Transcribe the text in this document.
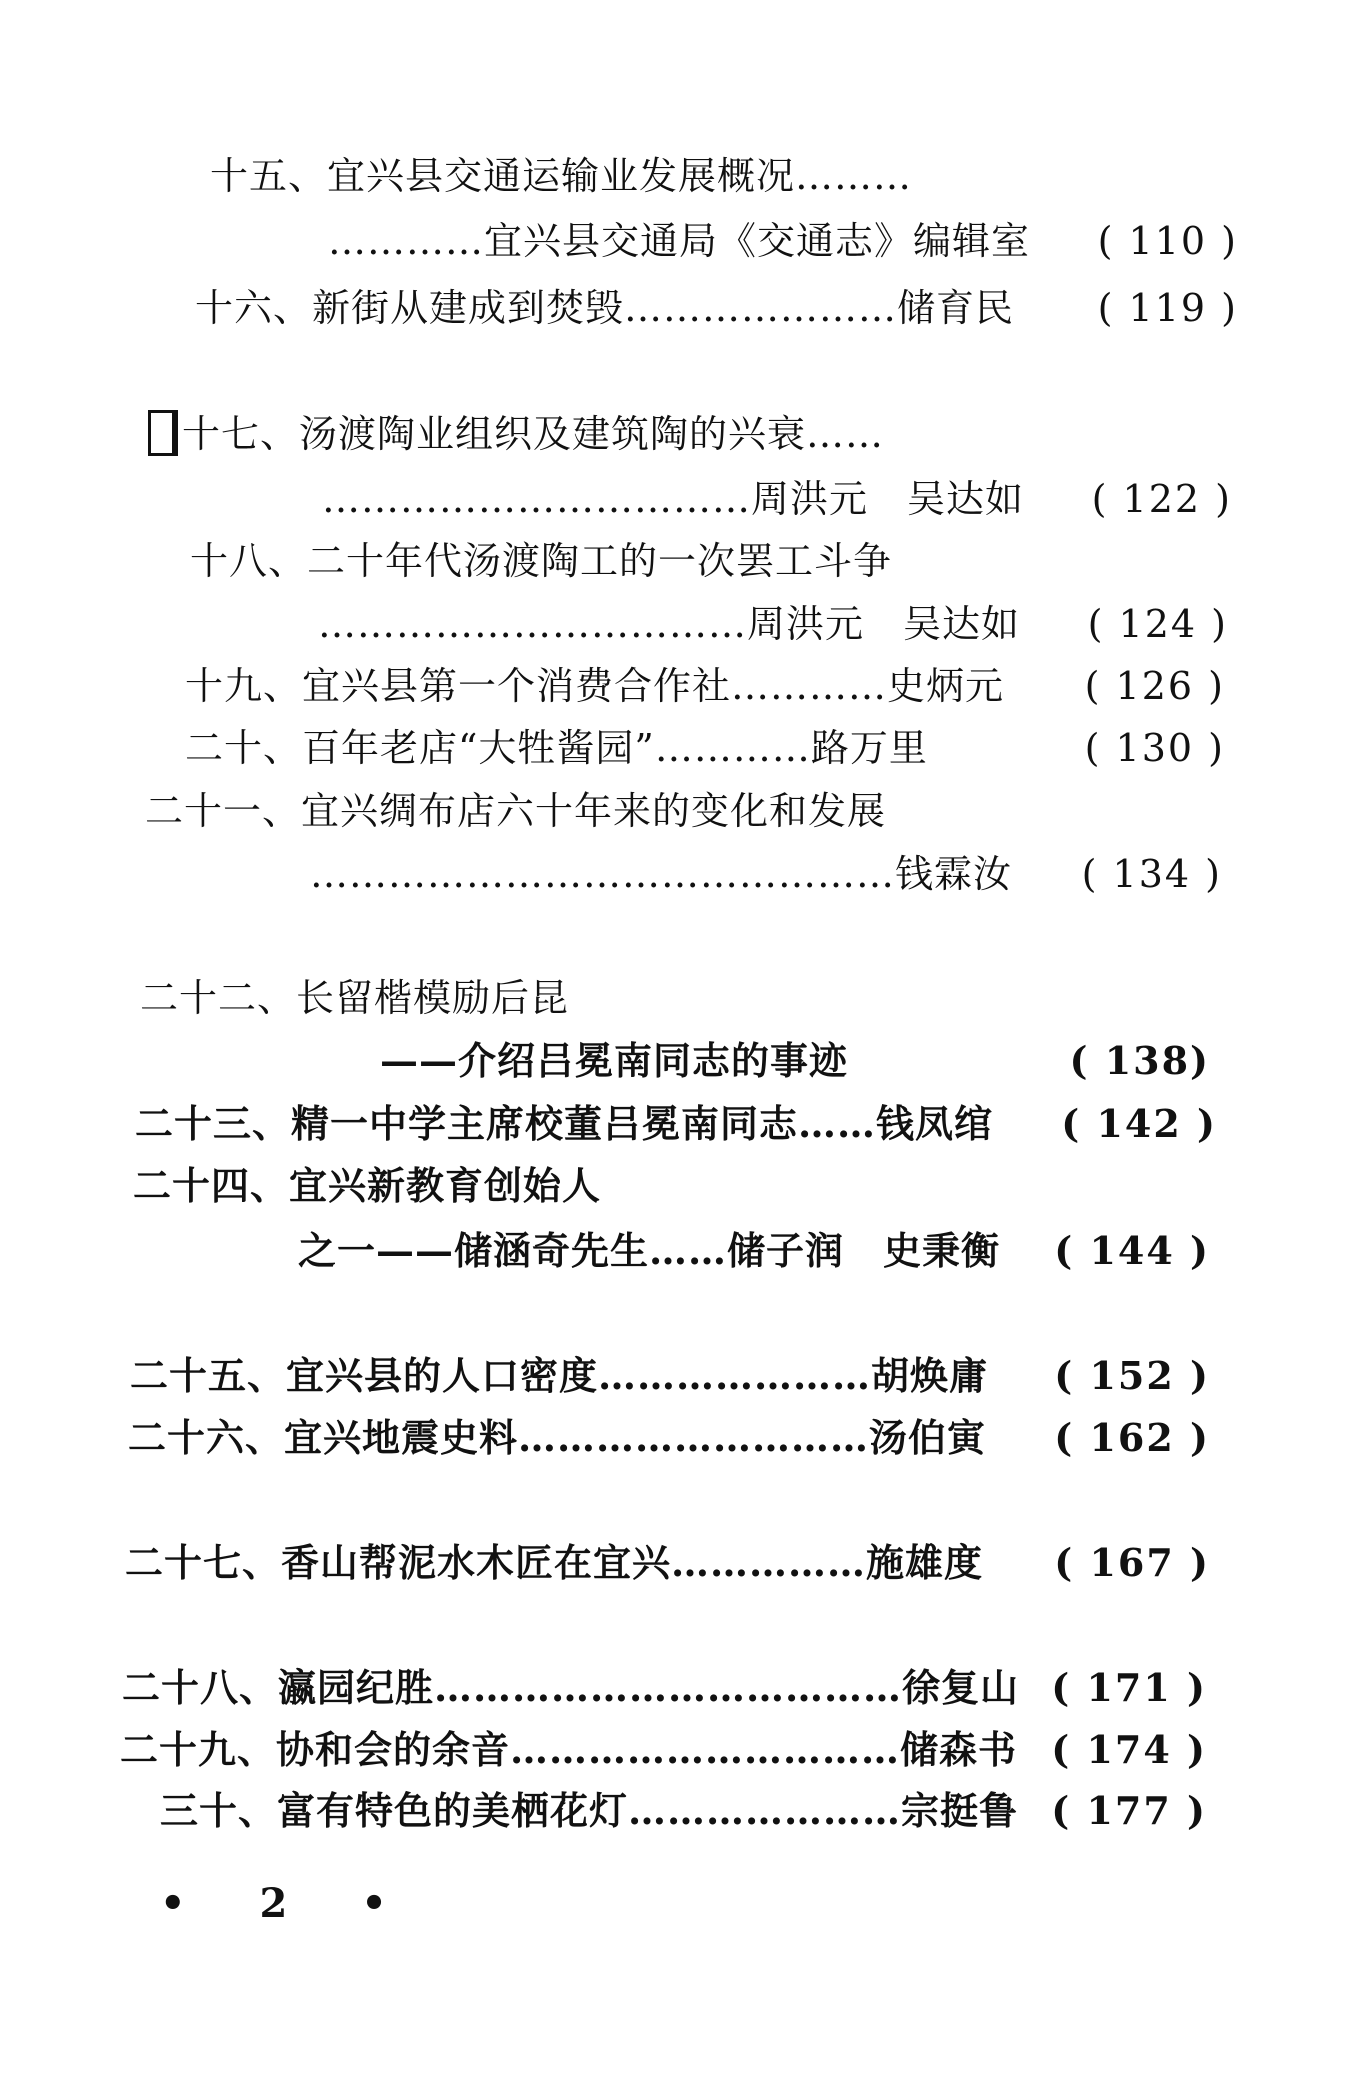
十五、宜兴县交通运输业发展概况………
…………宜兴县交通局《交通志》编辑室 ( 110 )
十六、新街从建成到焚毁…………………储育民 ( 119 )
十七、汤渡陶业组织及建筑陶的兴衰……
……………………………周洪元　吴达如 ( 122 )
十八、二十年代汤渡陶工的一次罢工斗争
……………………………周洪元　吴达如 ( 124 )
十九、宜兴县第一个消费合作社…………史炳元 ( 126 )
二十、百年老店“大牲酱园”…………路万里	( 130 )
二十一、宜兴绸布店六十年来的变化和发展
………………………………………钱霖汝 ( 134 )
二十二、长留楷模励后昆
——介绍吕冕南同志的事迹	( 138)
二十三、精一中学主席校董吕冕南同志……钱凤绾 ( 142 )
二十四、宜兴新教育创始人
之一——储涵奇先生……储子润　史秉衡 ( 144 )
二十五、宜兴县的人口密度…………………胡焕庸 ( 152 )
二十六、宜兴地震史料………………………汤伯寅 ( 162 )
二十七、香山帮泥水木匠在宜兴……………施雄度 ( 167 )
二十八、瀛园纪胜………………………………徐复山 ( 171 )
二十九、协和会的余音…………………………储森书 ( 174 )
三十、富有特色的美栖花灯…………………宗挺鲁 ( 177 )
• 2 •
